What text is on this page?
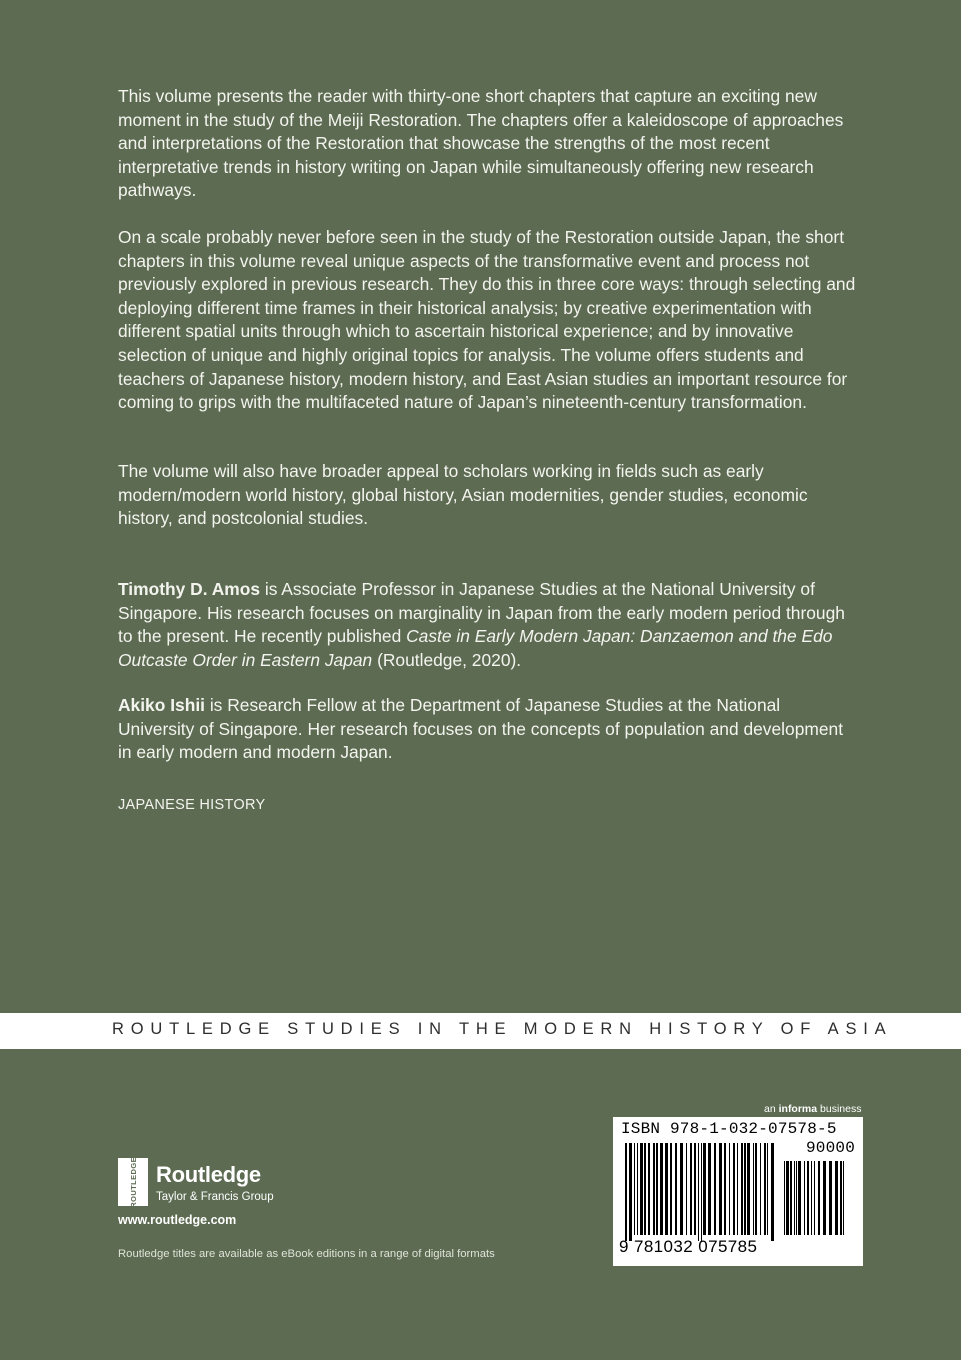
This volume presents the reader with thirty-one short chapters that capture an exciting new moment in the study of the Meiji Restoration. The chapters offer a kaleidoscope of approaches and interpretations of the Restoration that showcase the strengths of the most recent interpretative trends in history writing on Japan while simultaneously offering new research pathways.

On a scale probably never before seen in the study of the Restoration outside Japan, the short chapters in this volume reveal unique aspects of the transformative event and process not previously explored in previous research. They do this in three core ways: through selecting and deploying different time frames in their historical analysis; by creative experimentation with different spatial units through which to ascertain historical experience; and by innovative selection of unique and highly original topics for analysis. The volume offers students and teachers of Japanese history, modern history, and East Asian studies an important resource for coming to grips with the multifaceted nature of Japan’s nineteenth-century transformation.

The volume will also have broader appeal to scholars working in fields such as early modern/modern world history, global history, Asian modernities, gender studies, economic history, and postcolonial studies.

Timothy D. Amos is Associate Professor in Japanese Studies at the National University of Singapore. His research focuses on marginality in Japan from the early modern period through to the present. He recently published Caste in Early Modern Japan: Danzaemon and the Edo Outcaste Order in Eastern Japan (Routledge, 2020).

Akiko Ishii is Research Fellow at the Department of Japanese Studies at the National University of Singapore. Her research focuses on the concepts of population and development in early modern and modern Japan.

JAPANESE HISTORY
ROUTLEDGE STUDIES IN THE MODERN HISTORY OF ASIA
ROUTLEDGE Routledge
Taylor & Francis Group
www.routledge.com
Routledge titles are available as eBook editions in a range of digital formats
an informa business
ISBN 978-1-032-07578-5
90000
9 781032 075785
